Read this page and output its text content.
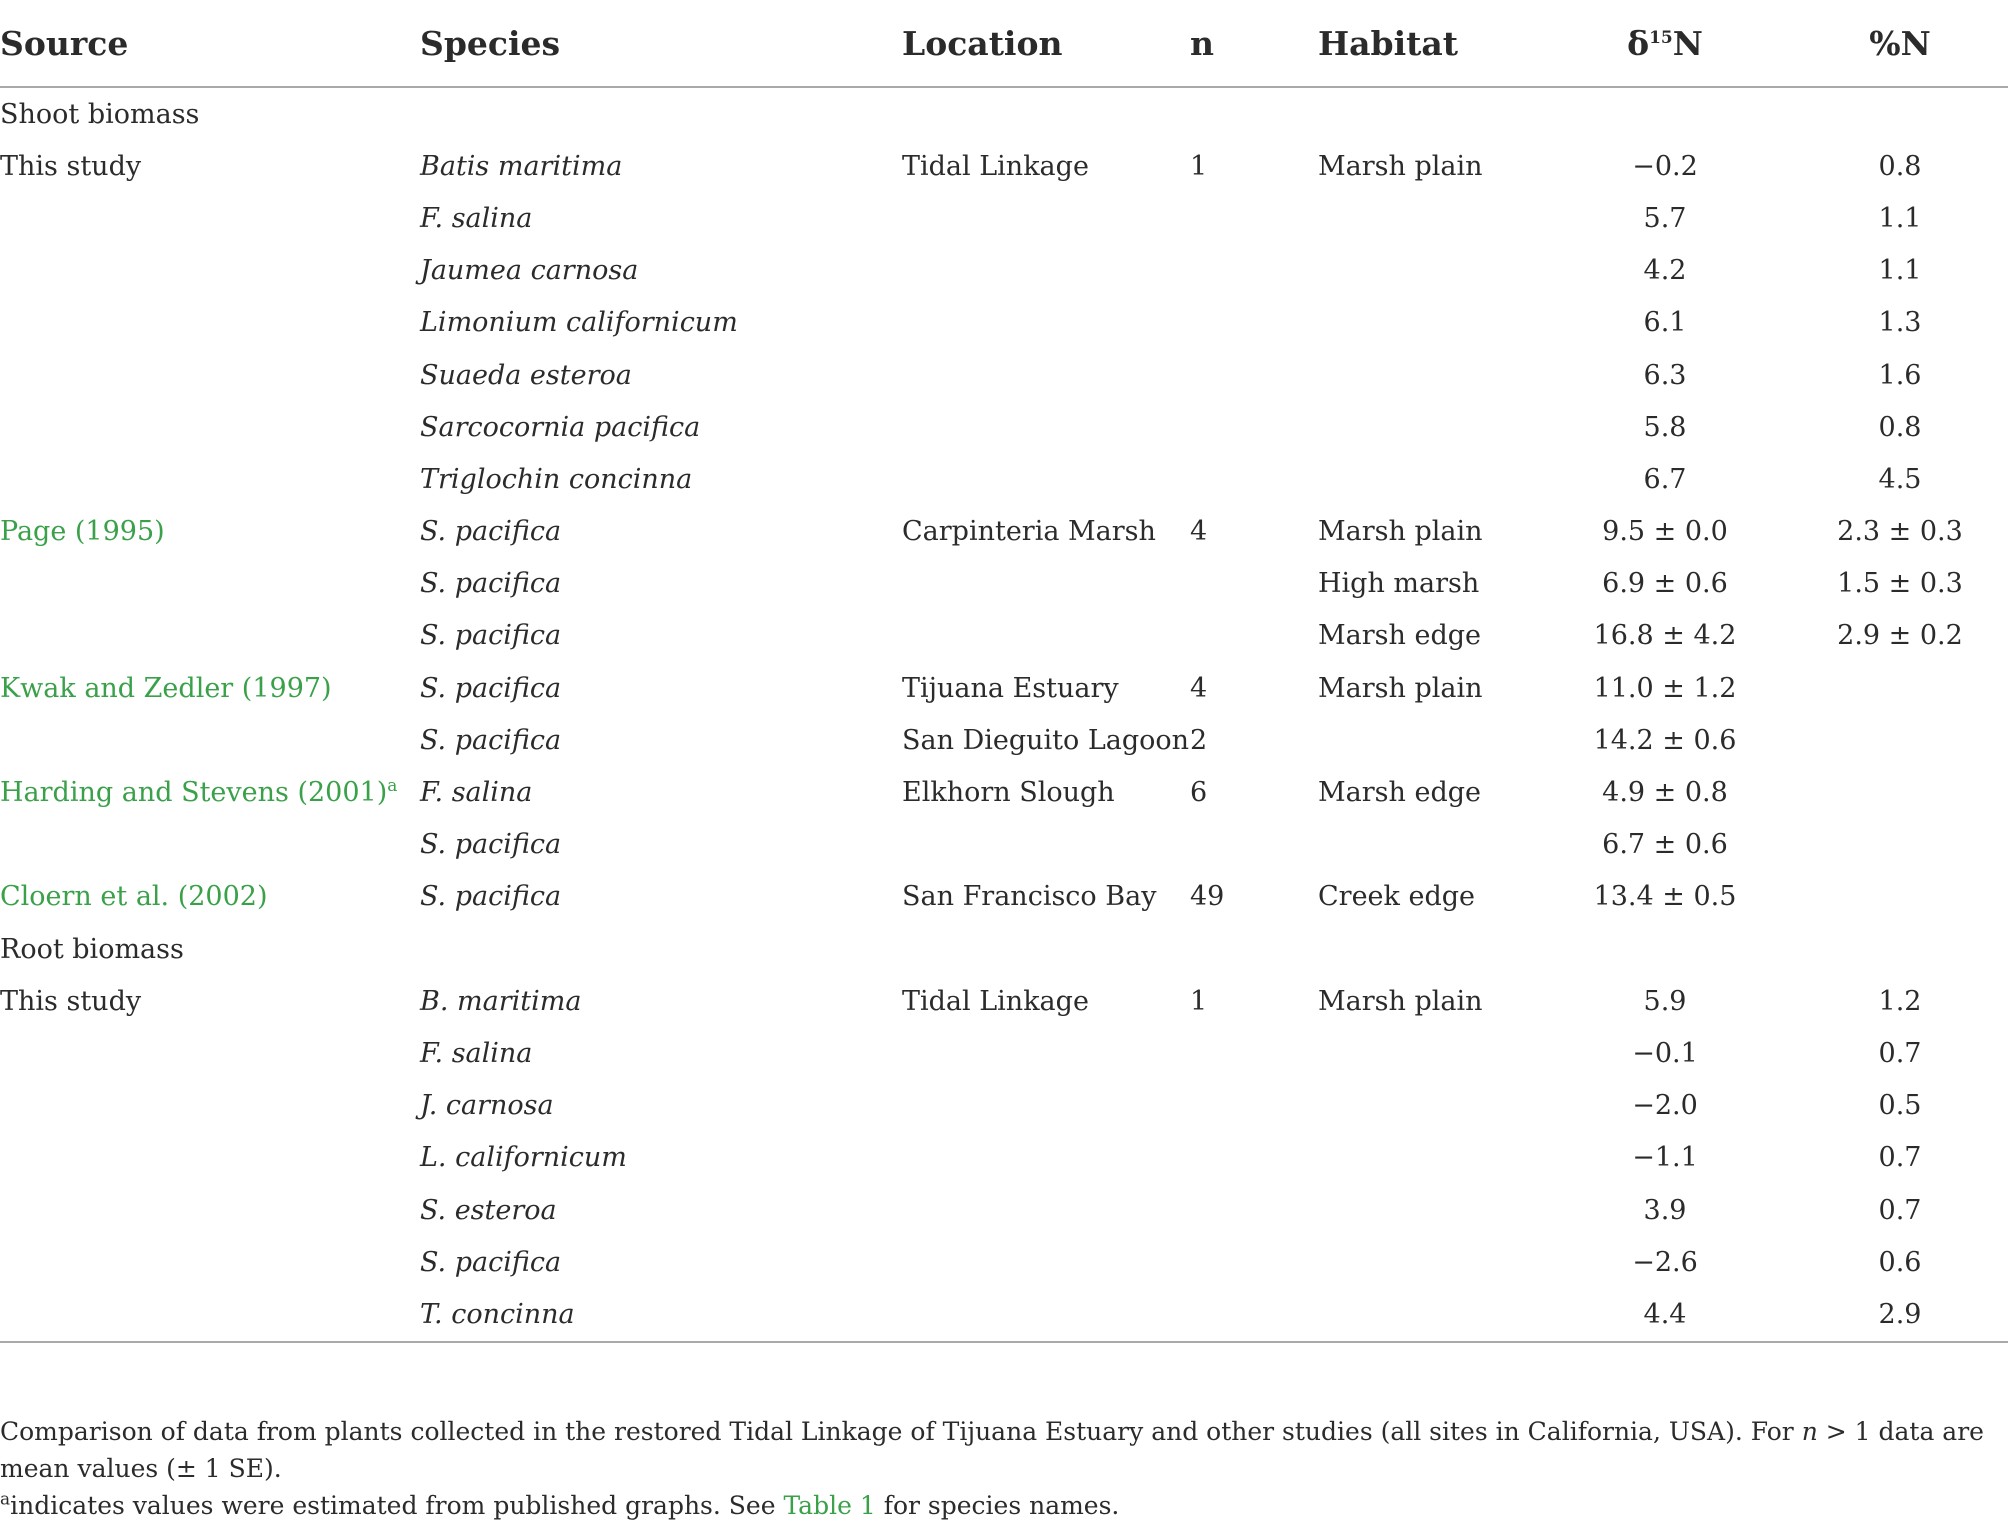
Source	Species	Location	n	Habitat	$\delta^{15}N$	%N
Shoot biomass						
This study	Batis maritima	Tidal Linkage	1	Marsh plain	−0.2	0.8
	F. salina				5.7	1.1
	Jaumea carnosa				4.2	1.1
	Limonium californicum				6.1	1.3
	Suaeda esteroa				6.3	1.6
	Sarcocornia pacifica				5.8	0.8
	Triglochin concinna				6.7	4.5
Page (1995)	S. pacifica	Carpinteria Marsh	4	Marsh plain	9.5 ± 0.0	2.3 ± 0.3
	S. pacifica			High marsh	6.9 ± 0.6	1.5 ± 0.3
	S. pacifica			Marsh edge	16.8 ± 4.2	2.9 ± 0.2
Kwak and Zedler (1997)	S. pacifica	Tijuana Estuary	4	Marsh plain	11.0 ± 1.2	
	S. pacifica	San Dieguito Lagoon	2		14.2 ± 0.6	
Harding and Stevens $(2001)^a$	F. salina	Elkhorn Slough	6	Marsh edge	4.9 ± 0.8	
	S. pacifica				6.7 ± 0.6	
Cloern et al. (2002)	S. pacifica	San Francisco Bay	49	Creek edge	13.4 ± 0.5	
Root biomass						
This study	B. maritima	Tidal Linkage	1	Marsh plain	5.9	1.2
	F. salina				−0.1	0.7
	J. carnosa				−2.0	0.5
	L. californicum				−1.1	0.7
	S. esteroa				3.9	0.7
	S. pacifica				−2.6	0.6
	T. concinna				4.4	2.9

Comparison of data from plants collected in the restored Tidal Linkage of Tijuana Estuary and other studies (all sites in California, USA). For n > 1 data are mean values (± 1 SE).

$^a$indicates values were estimated from published graphs. See Table 1 for species names.
